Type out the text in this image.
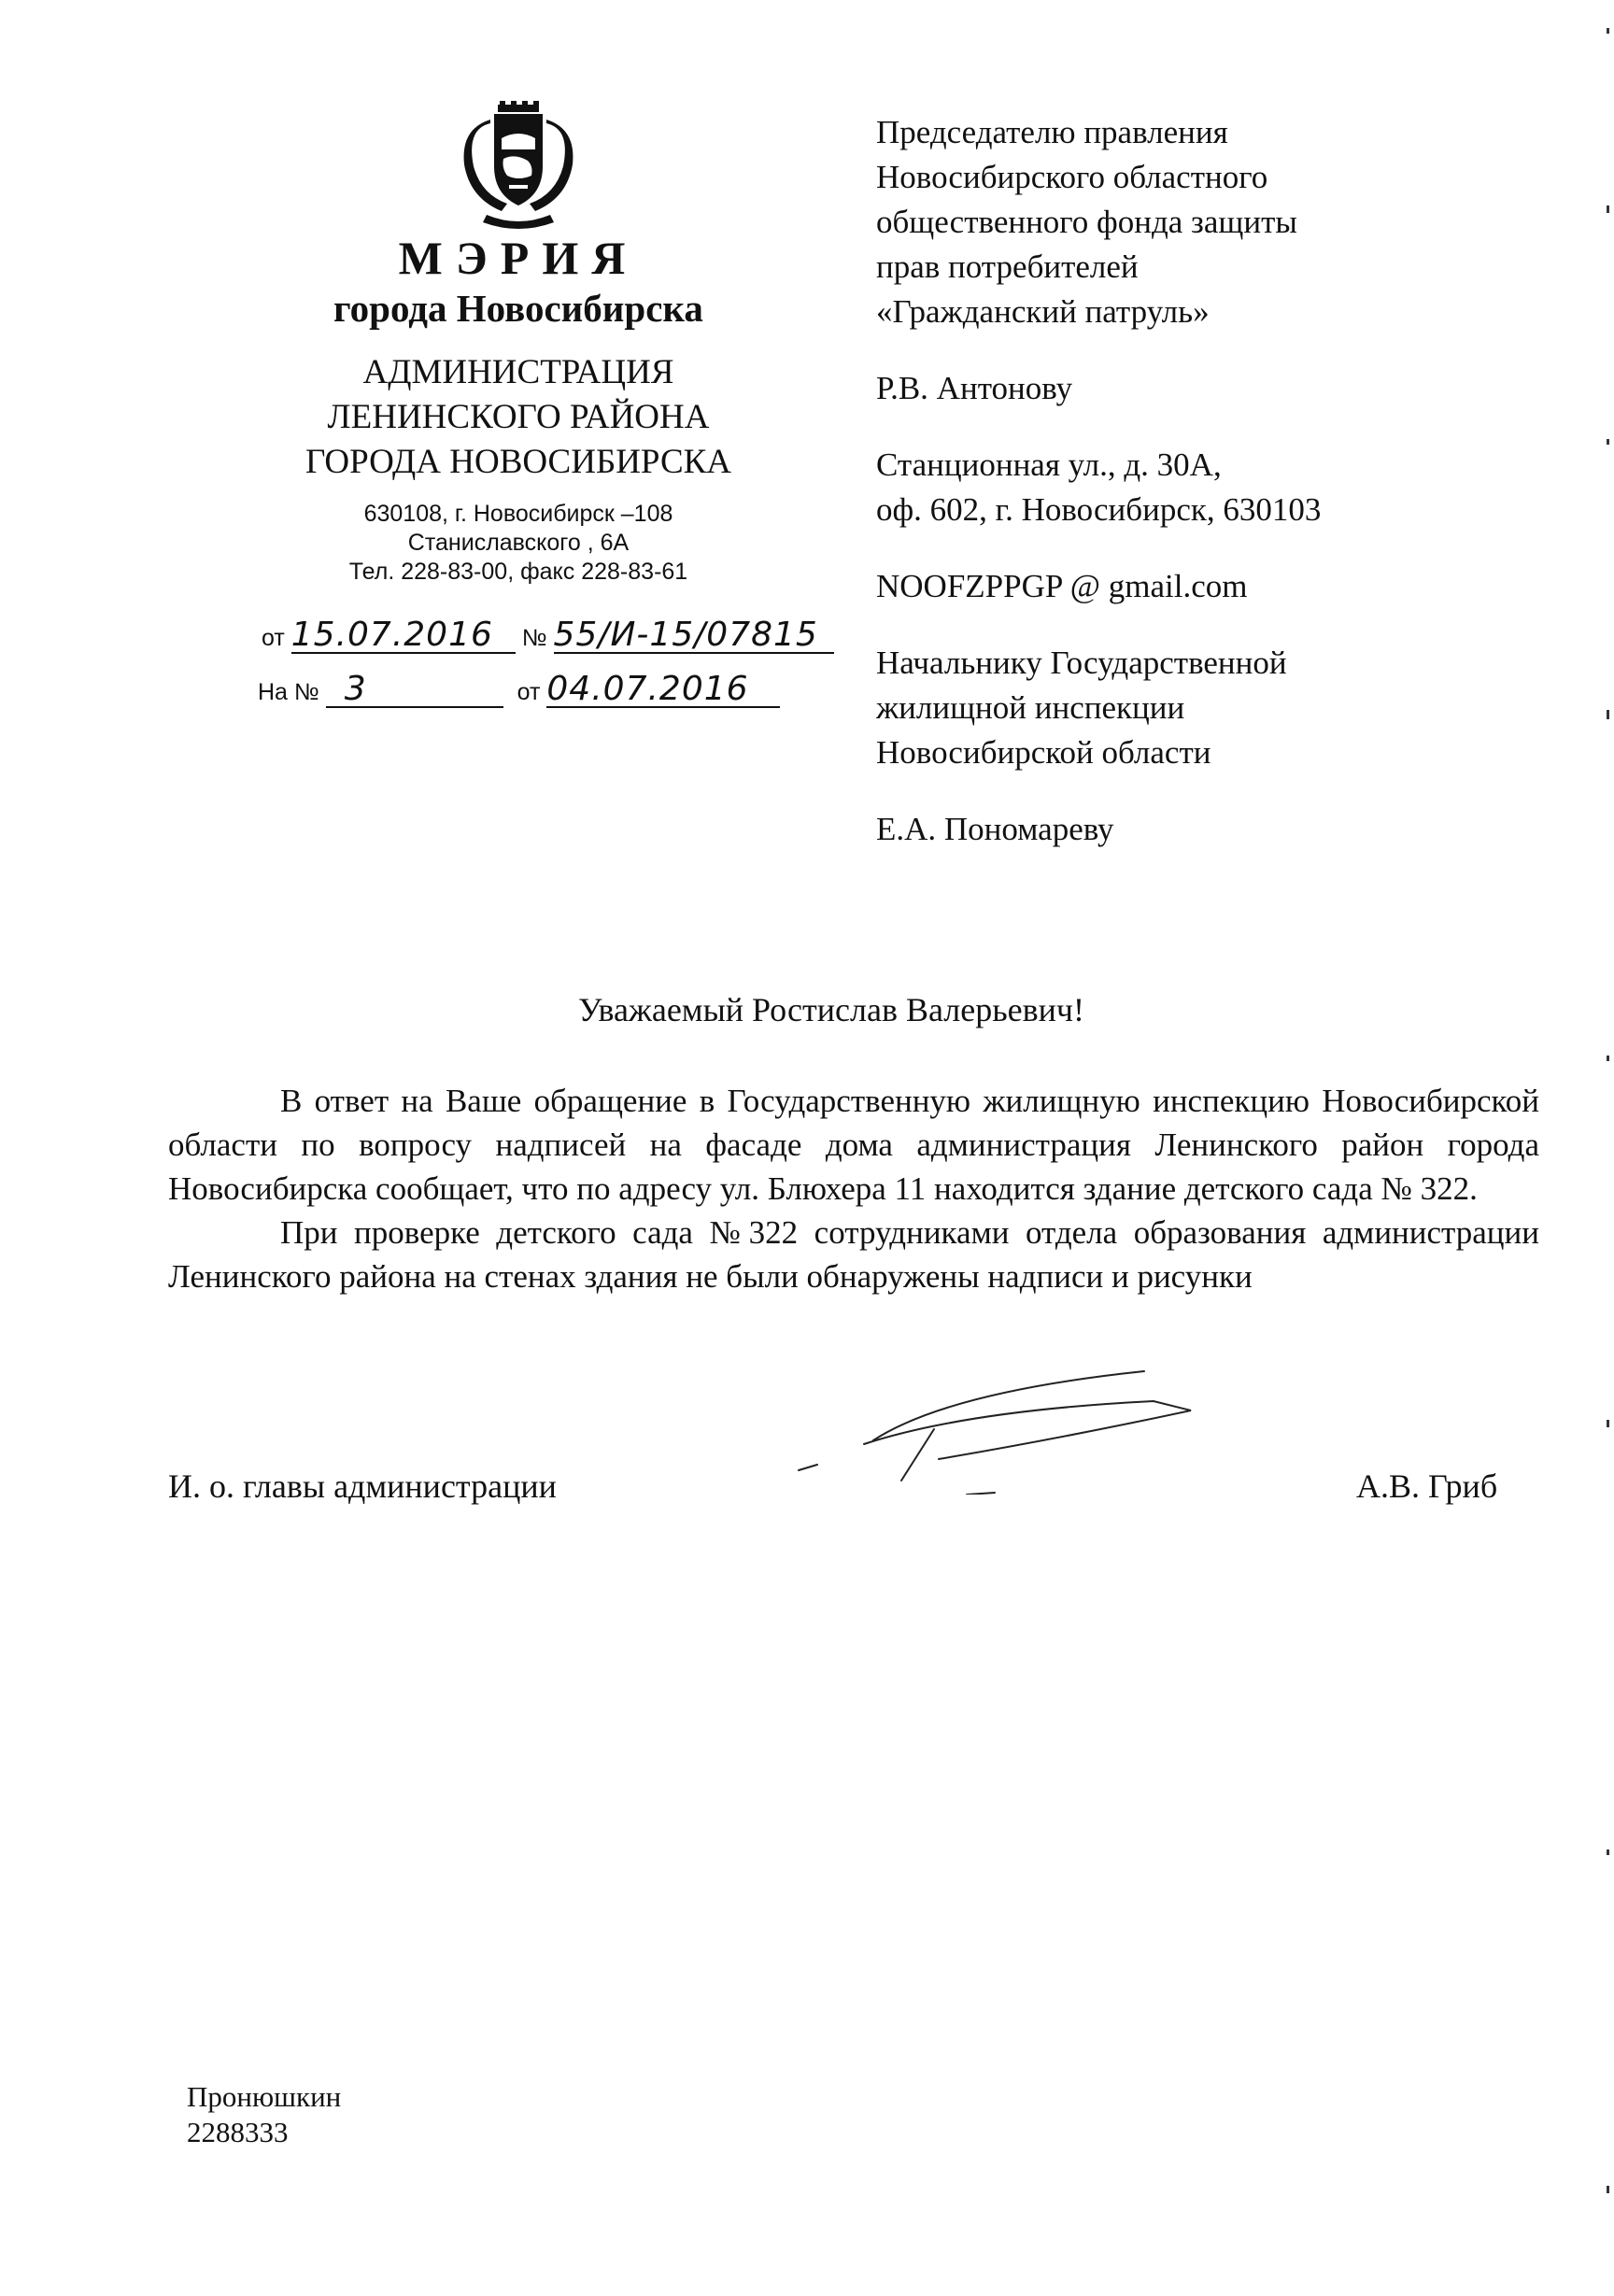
МЭРИЯ
города Новосибирска
АДМИНИСТРАЦИЯ
ЛЕНИНСКОГО РАЙОНА
ГОРОДА НОВОСИБИРСКА
630108, г. Новосибирск –108
Станиславского , 6А
Тел. 228-83-00, факс 228-83-61
от 15.07.2016 № 55/И-15/07815
На № 3	от 04.07.2016
Председателю правления
Новосибирского областного
общественного фонда защиты
прав потребителей
«Гражданский патруль»
Р.В. Антонову
Станционная ул., д. 30А,
оф. 602, г. Новосибирск, 630103
NOOFZPPGP @ gmail.com
Начальнику Государственной
жилищной инспекции
Новосибирской области
Е.А. Пономареву
Уважаемый Ростислав Валерьевич!

В ответ на Ваше обращение в Государственную жилищную инспекцию Новосибирской области по вопросу надписей на фасаде дома администрация Ленинского район города Новосибирска сообщает, что по адресу ул. Блюхера 11 находится здание детского сада № 322.

При проверке детского сада №322 сотрудниками отдела образования администрации Ленинского района на стенах здания не были обнаружены надписи и рисунки

И. о. главы администрации	А.В. Гриб
Пронюшкин
2288333
